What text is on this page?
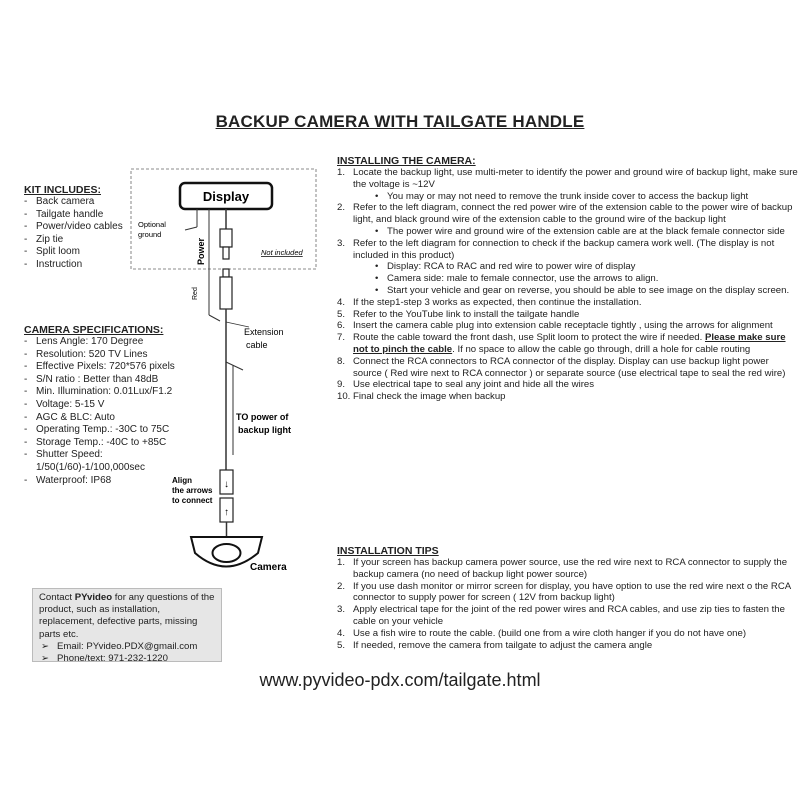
BACKUP CAMERA WITH TAILGATE HANDLE
KIT INCLUDES:
- Back camera
- Tailgate handle
- Power/video cables
- Zip tie
- Split loom
- Instruction
CAMERA SPECIFICATIONS:
- Lens Angle: 170 Degree
- Resolution: 520 TV Lines
- Effective Pixels: 720*576 pixels
- S/N ratio : Better than 48dB
- Min. Illumination: 0.01Lux/F1.2
- Voltage: 5-15 V
- AGC & BLC: Auto
- Operating Temp.: -30C to 75C
- Storage Temp.: -40C to +85C
- Shutter Speed: 1/50(1/60)-1/100,000sec
- Waterproof: IP68
Display
Optional
ground
Power	Not included
Red
Extension
cable
TO power of
backup light
↓
↑
Align
the arrows
to connect
Camera
INSTALLING THE CAMERA:
1. Locate the backup light, use multi-meter to identify the power and ground wire of backup light, make sure the voltage is ~12V
• You may or may not need to remove the trunk inside cover to access the backup light
2. Refer to the left diagram, connect the red power wire of the extension cable to the power wire of backup light, and black ground wire of the extension cable to the ground wire of the backup light
• The power wire and ground wire of the extension cable are at the black female connector side
3. Refer to the left diagram for connection to check if the backup camera work well. (The display is not included in this product)
• Display: RCA to RAC and red wire to power wire of display
• Camera side: male to female connector, use the arrows to align.
• Start your vehicle and gear on reverse, you should be able to see image on the display screen.
4. If the step1-step 3 works as expected, then continue the installation.
5. Refer to the YouTube link to install the tailgate handle
6. Insert the camera cable plug into extension cable receptacle tightly , using the arrows for alignment
7. Route the cable toward the front dash, use Split loom to protect the wire if needed. Please make sure not to pinch the cable. If no space to allow the cable go through, drill a hole for cable routing
8. Connect the RCA connectors to RCA connector of the display. Display can use backup light power source ( Red wire next to RCA connector ) or separate source (use electrical tape to seal the red wire)
9. Use electrical tape to seal any joint and hide all the wires
10. Final check the image when backup
INSTALLATION TIPS
1. If your screen has backup camera power source, use the red wire next to RCA connector to supply the backup camera (no need of backup light power source)
2. If you use dash monitor or mirror screen for display, you have option to use the red wire next o the RCA connector to supply power for screen ( 12V from backup light)
3. Apply electrical tape for the joint of the red power wires and RCA cables, and use zip ties to fasten the cable on your vehicle
4. Use a fish wire to route the cable. (build one from a wire cloth hanger if you do not have one)
5. If needed, remove the camera from tailgate to adjust the camera angle
Contact PYvideo for any questions of the product, such as installation, replacement, defective parts, missing parts etc.
➢ Email: PYvideo.PDX@gmail.com
➢ Phone/text: 971-232-1220
www.pyvideo-pdx.com/tailgate.html
